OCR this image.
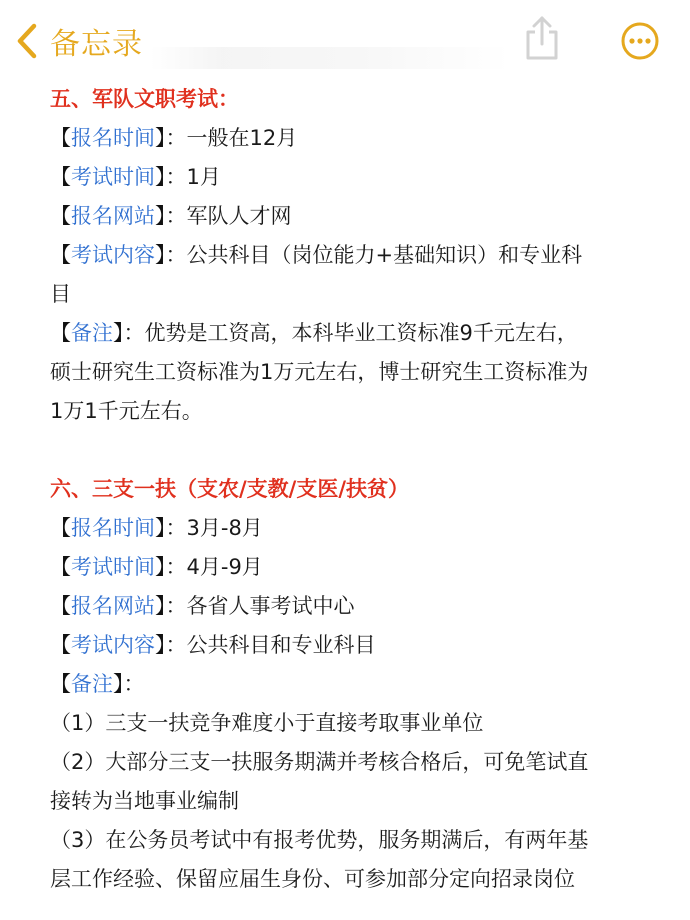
备忘录
五、军队文职考试：
【报名时间】：一般在12月
【考试时间】：1月
【报名网站】：军队人才网
【考试内容】：公共科目（岗位能力+基础知识）和专业科
目
【备注】：优势是工资高，本科毕业工资标准9千元左右，
硕士研究生工资标准为1万元左右，博士研究生工资标准为
1万1千元左右。
六、三支一扶（支农/支教/支医/扶贫）
【报名时间】：3月-8月
【考试时间】：4月-9月
【报名网站】：各省人事考试中心
【考试内容】：公共科目和专业科目
【备注】：
（1）三支一扶竞争难度小于直接考取事业单位
（2）大部分三支一扶服务期满并考核合格后，可免笔试直
接转为当地事业编制
（3）在公务员考试中有报考优势，服务期满后，有两年基
层工作经验、保留应届生身份、可参加部分定向招录岗位
